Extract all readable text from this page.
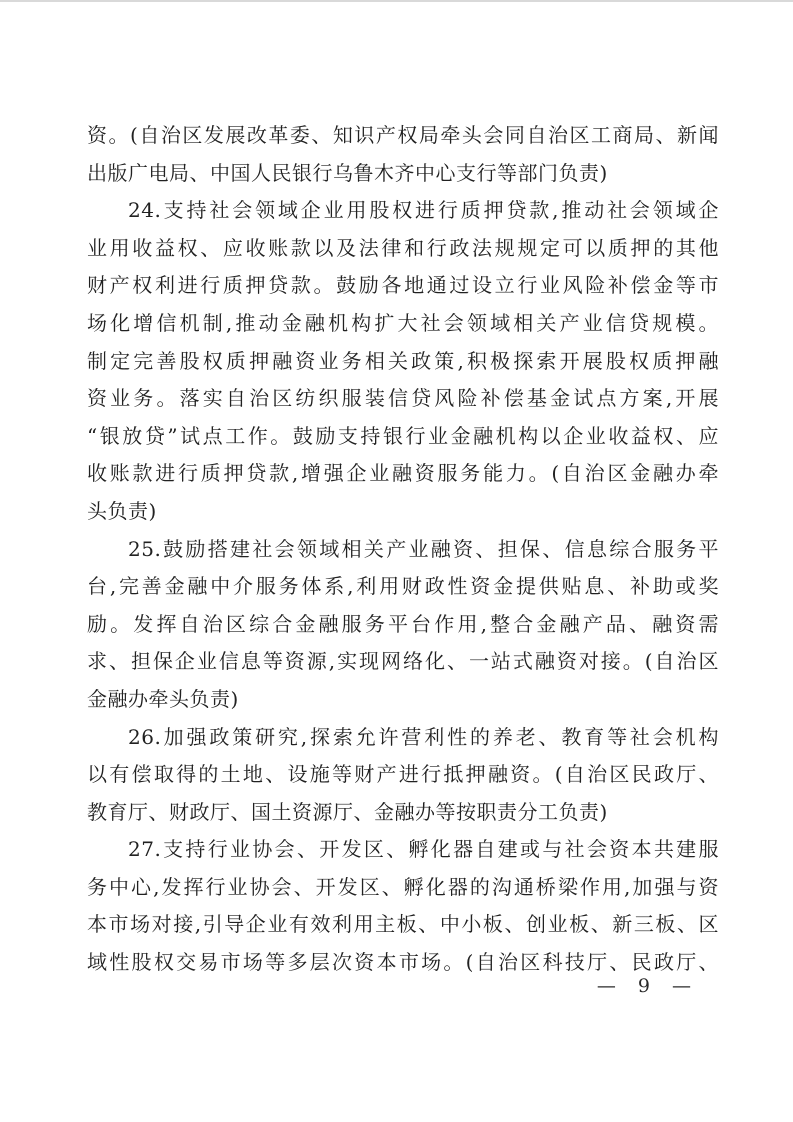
资。(自治区发展改革委、知识产权局牵头会同自治区工商局、新闻
出版广电局、中国人民银行乌鲁木齐中心支行等部门负责)
24.支持社会领域企业用股权进行质押贷款,推动社会领域企
业用收益权、应收账款以及法律和行政法规规定可以质押的其他
财产权利进行质押贷款。鼓励各地通过设立行业风险补偿金等市
场化增信机制,推动金融机构扩大社会领域相关产业信贷规模。
制定完善股权质押融资业务相关政策,积极探索开展股权质押融
资业务。落实自治区纺织服装信贷风险补偿基金试点方案,开展
“银放贷”试点工作。鼓励支持银行业金融机构以企业收益权、应
收账款进行质押贷款,增强企业融资服务能力。(自治区金融办牵
头负责)
25.鼓励搭建社会领域相关产业融资、担保、信息综合服务平
台,完善金融中介服务体系,利用财政性资金提供贴息、补助或奖
励。发挥自治区综合金融服务平台作用,整合金融产品、融资需
求、担保企业信息等资源,实现网络化、一站式融资对接。(自治区
金融办牵头负责)
26.加强政策研究,探索允许营利性的养老、教育等社会机构
以有偿取得的土地、设施等财产进行抵押融资。(自治区民政厅、
教育厅、财政厅、国土资源厅、金融办等按职责分工负责)
27.支持行业协会、开发区、孵化器自建或与社会资本共建服
务中心,发挥行业协会、开发区、孵化器的沟通桥梁作用,加强与资
本市场对接,引导企业有效利用主板、中小板、创业板、新三板、区
域性股权交易市场等多层次资本市场。(自治区科技厅、民政厅、
— 9 —
